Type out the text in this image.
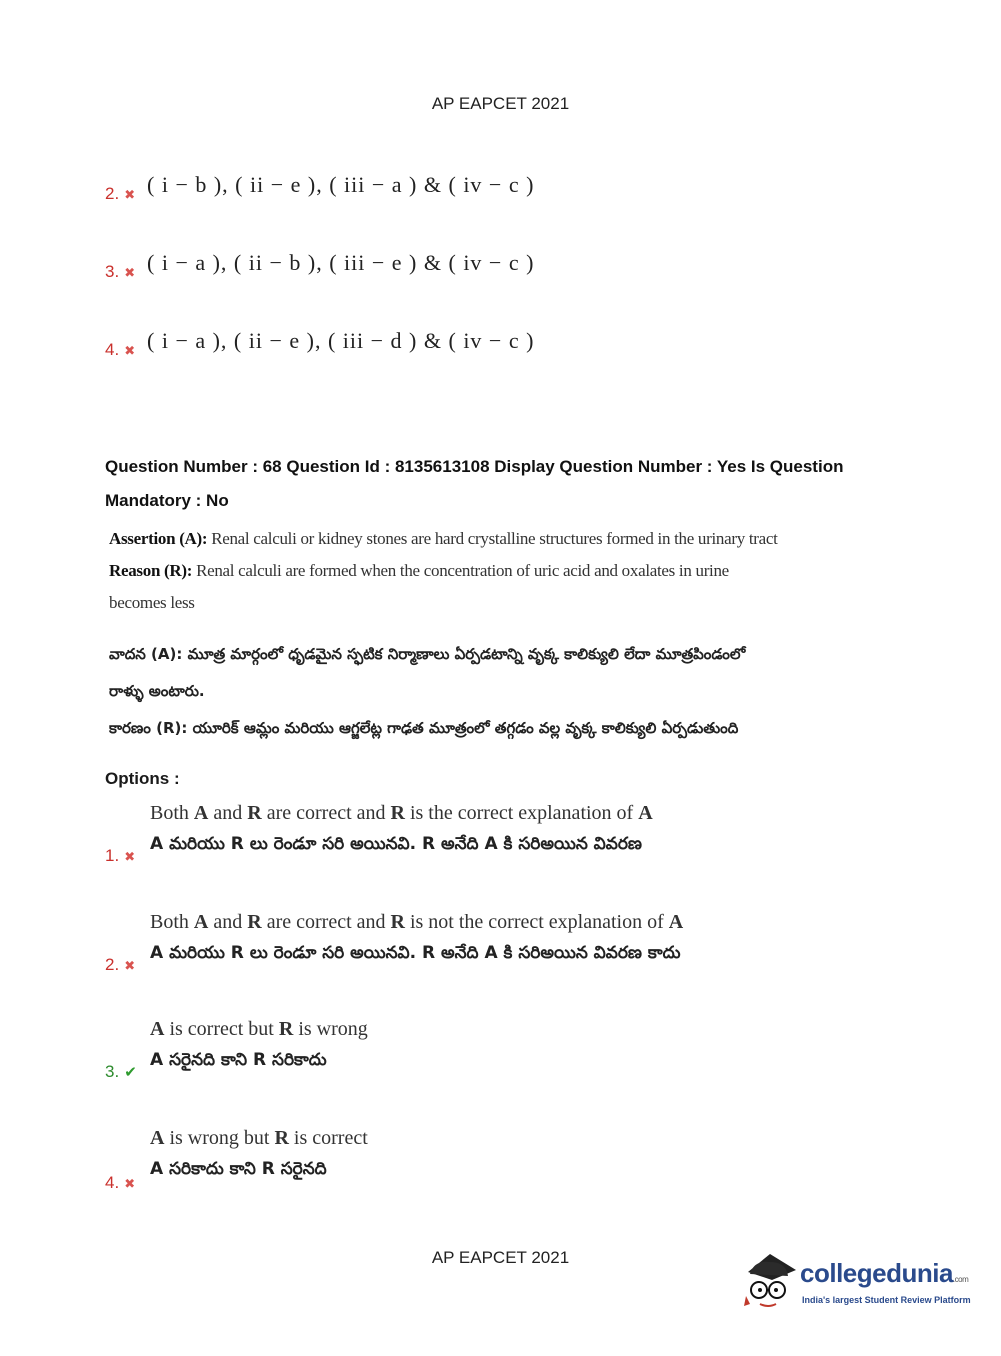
AP EAPCET 2021
2. ✖ ( i − b ), ( ii − e ), ( iii − a ) & ( iv − c )
3. ✖ ( i − a ), ( ii − b ), ( iii − e ) & ( iv − c )
4. ✖ ( i − a ), ( ii − e ), ( iii − d ) & ( iv − c )
Question Number : 68 Question Id : 8135613108 Display Question Number : Yes Is Question
Mandatory : No
Assertion (A): Renal calculi or kidney stones are hard crystalline structures formed in the urinary tract
Reason (R): Renal calculi are formed when the concentration of uric acid and oxalates in urine
becomes less
వాదన (A): మూత్ర మార్గంలో ధృడమైన స్ఫటిక నిర్మాణాలు ఏర్పడటాన్ని వృక్క కాలిక్యులి లేదా మూత్రపిండంలో
రాళ్ళు అంటారు.
కారణం (R): యూరిక్ ఆమ్లం మరియు ఆగ్జలేట్ల గాఢత మూత్రంలో తగ్గడం వల్ల వృక్క కాలిక్యులి ఏర్పడుతుంది
Options :
Both A and R are correct and R is the correct explanation of A
A మరియు R లు రెండూ సరి అయినవి. R అనేది A కి సరిఅయిన వివరణ
1. ✖
Both A and R are correct and R is not the correct explanation of A
A మరియు R లు రెండూ సరి అయినవి. R అనేది A కి సరిఅయిన వివరణ కాదు
2. ✖
A is correct but R is wrong
A సరైనది కాని R సరికాదు
3. ✔
A is wrong but R is correct
A సరికాదు కాని R సరైనది
4. ✖
AP EAPCET 2021
collegedunia.com
India's largest Student Review Platform
